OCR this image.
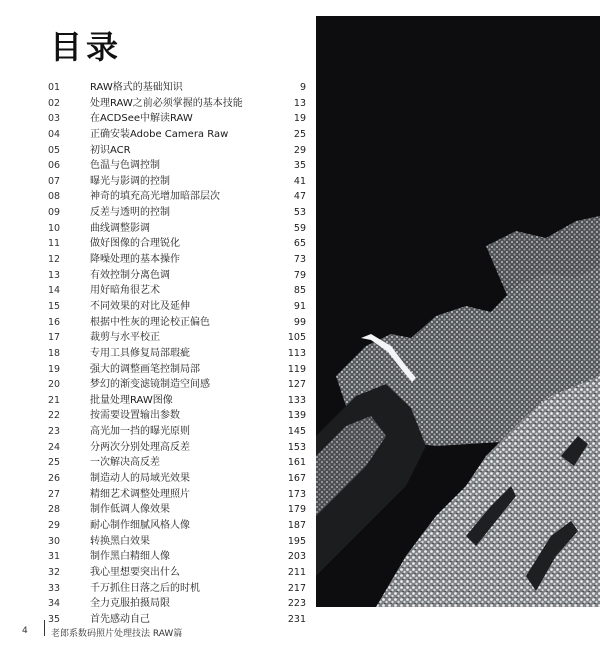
目录
01	RAW格式的基础知识	9
02	处理RAW之前必须掌握的基本技能	13
03	在ACDSee中解读RAW	19
04	正确安装Adobe Camera Raw	25
05	初识ACR	29
06	色温与色调控制	35
07	曝光与影调的控制	41
08	神奇的填充高光增加暗部层次	47
09	反差与透明的控制	53
10	曲线调整影调	59
11	做好图像的合理锐化	65
12	降噪处理的基本操作	73
13	有效控制分离色调	79
14	用好暗角很艺术	85
15	不同效果的对比及延伸	91
16	根据中性灰的理论校正偏色	99
17	裁剪与水平校正	105
18	专用工具修复局部瑕疵	113
19	强大的调整画笔控制局部	119
20	梦幻的渐变滤镜制造空间感	127
21	批量处理RAW图像	133
22	按需要设置输出参数	139
23	高光加一挡的曝光原则	145
24	分两次分别处理高反差	153
25	一次解决高反差	161
26	制造动人的局域光效果	167
27	精细艺术调整处理照片	173
28	制作低调人像效果	179
29	耐心制作细腻风格人像	187
30	转换黑白效果	195
31	制作黑白精细人像	203
32	我心里想要突出什么	211
33	千万抓住日落之后的时机	217
34	全力克服拍摄局限	223
35	首先感动自己	231
4	老郎系数码照片处理技法 RAW篇
